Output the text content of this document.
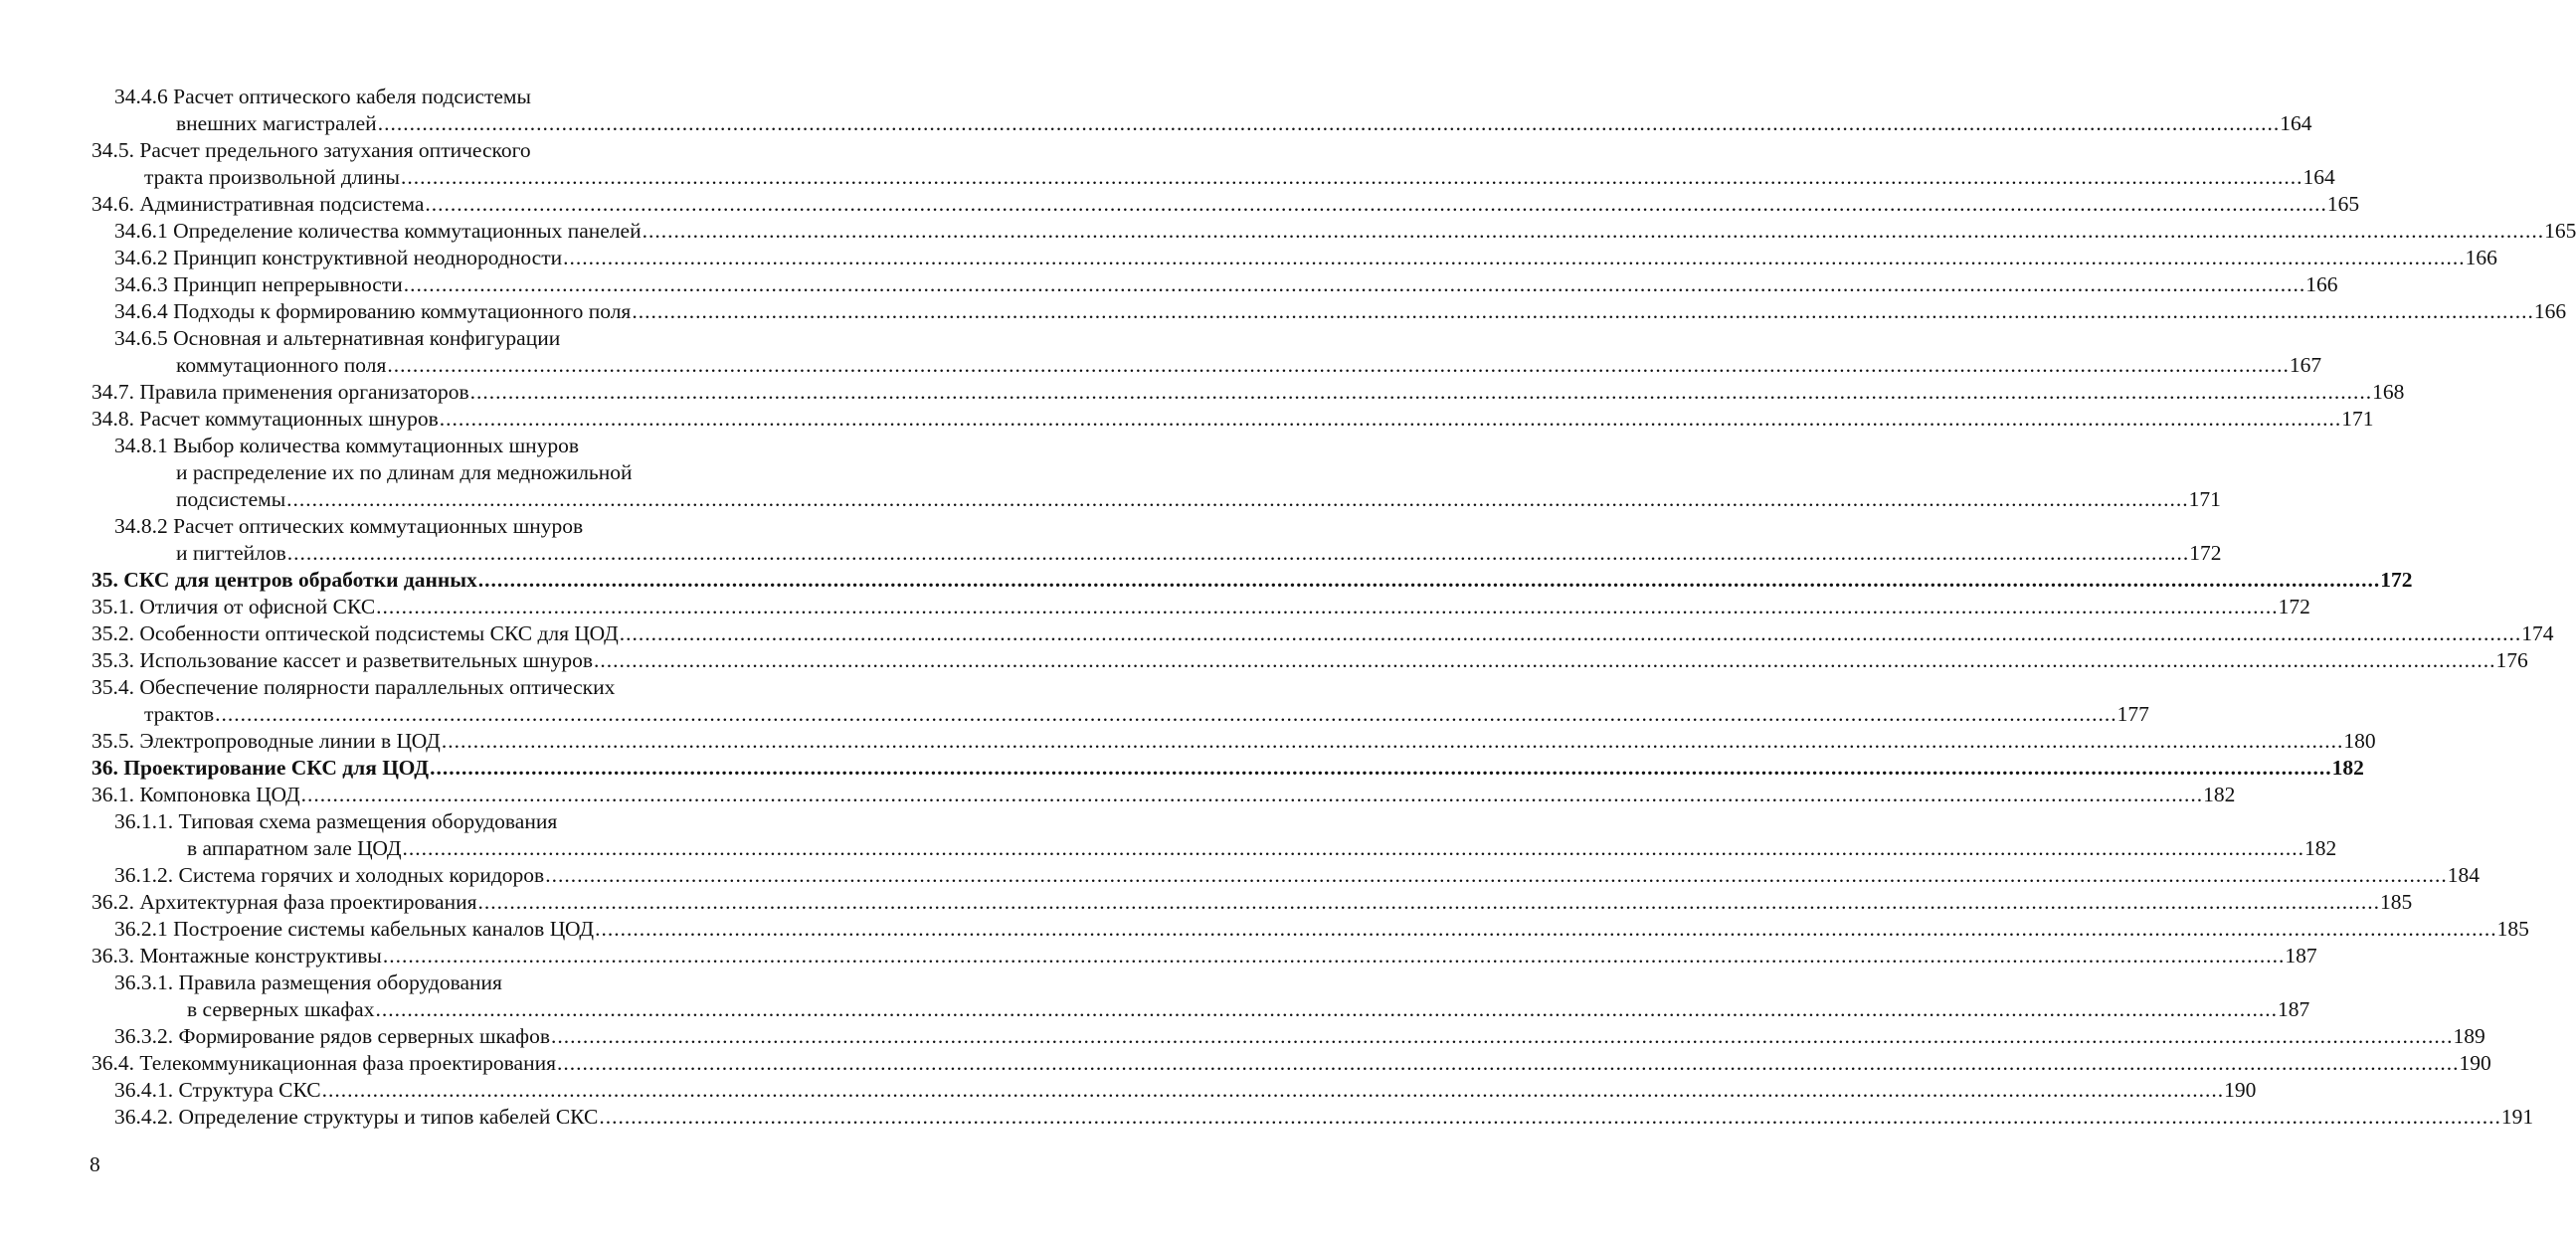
34.4.6 Расчет оптического кабеля подсистемы
внешних магистралей ............................................................................................................................................................................................................................................................................................................ 164
34.5. Расчет предельного затухания оптического
тракта произвольной длины ............................................................................................................................................................................................................................................................................................................ 164
34.6. Административная подсистема ............................................................................................................................................................................................................................................................................................................ 165
34.6.1 Определение количества коммутационных панелей ............................................................................................................................................................................................................................................................................................................ 165
34.6.2 Принцип конструктивной неоднородности ............................................................................................................................................................................................................................................................................................................ 166
34.6.3 Принцип непрерывности ............................................................................................................................................................................................................................................................................................................ 166
34.6.4 Подходы к формированию коммутационного поля ............................................................................................................................................................................................................................................................................................................ 166
34.6.5 Основная и альтернативная конфигурации
коммутационного поля ............................................................................................................................................................................................................................................................................................................ 167
34.7. Правила применения организаторов ............................................................................................................................................................................................................................................................................................................ 168
34.8. Расчет коммутационных шнуров ............................................................................................................................................................................................................................................................................................................ 171
34.8.1 Выбор количества коммутационных шнуров
и распределение их по длинам для медножильной
подсистемы ............................................................................................................................................................................................................................................................................................................ 171
34.8.2 Расчет оптических коммутационных шнуров
и пигтейлов ............................................................................................................................................................................................................................................................................................................ 172
35. СКС для центров обработки данных ............................................................................................................................................................................................................................................................................................................ 172
35.1. Отличия от офисной СКС ............................................................................................................................................................................................................................................................................................................ 172
35.2. Особенности оптической подсистемы СКС для ЦОД ............................................................................................................................................................................................................................................................................................................ 174
35.3. Использование кассет и разветвительных шнуров ............................................................................................................................................................................................................................................................................................................ 176
35.4. Обеспечение полярности параллельных оптических
трактов ............................................................................................................................................................................................................................................................................................................ 177
35.5. Электропроводные линии в ЦОД ............................................................................................................................................................................................................................................................................................................ 180
36. Проектирование СКС для ЦОД ............................................................................................................................................................................................................................................................................................................ 182
36.1. Компоновка ЦОД ............................................................................................................................................................................................................................................................................................................ 182
36.1.1. Типовая схема размещения оборудования
в аппаратном зале ЦОД ............................................................................................................................................................................................................................................................................................................ 182
36.1.2. Система горячих и холодных коридоров ............................................................................................................................................................................................................................................................................................................ 184
36.2. Архитектурная фаза проектирования ............................................................................................................................................................................................................................................................................................................ 185
36.2.1 Построение системы кабельных каналов ЦОД ............................................................................................................................................................................................................................................................................................................ 185
36.3. Монтажные конструктивы ............................................................................................................................................................................................................................................................................................................ 187
36.3.1. Правила размещения оборудования
в серверных шкафах ............................................................................................................................................................................................................................................................................................................ 187
36.3.2. Формирование рядов серверных шкафов ............................................................................................................................................................................................................................................................................................................ 189
36.4. Телекоммуникационная фаза проектирования ............................................................................................................................................................................................................................................................................................................ 190
36.4.1. Структура СКС ............................................................................................................................................................................................................................................................................................................ 190
36.4.2. Определение структуры и типов кабелей СКС ............................................................................................................................................................................................................................................................................................................ 191
8
